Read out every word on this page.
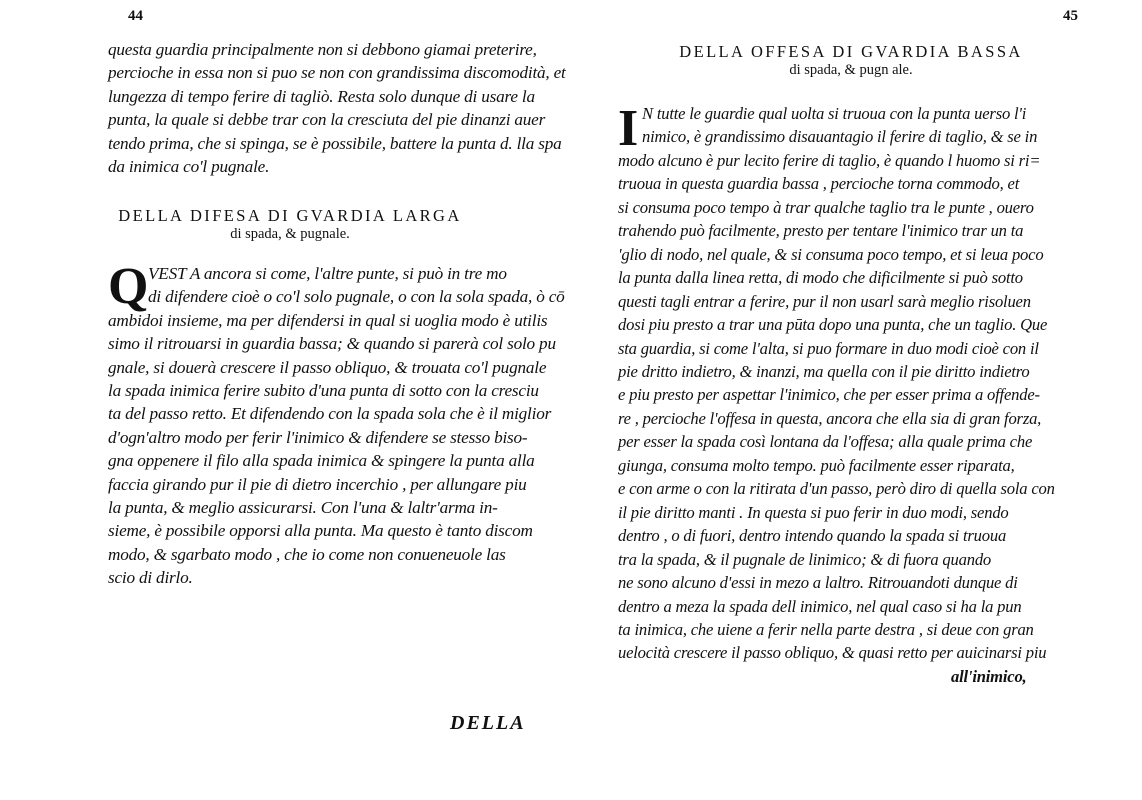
44
questa guardia principalmente non si debbono giamai preterire,
percioche in essa non si puo se non con grandissima discomodità, et
lungezza di tempo ferire di tagliò. Resta solo dunque di usare la
punta, la quale si debbe trar con la cresciuta del pie dinanzi auer
tendo prima, che si spinga, se è possibile, battere la punta d. lla spa
da inimica co'l pugnale.
DELLA DIFESA DI GVARDIA LARGA
di spada, & pugnale.
Q VEST A ancora si come, l'altre punte, si può in tre mo
di difendere cioè o co'l solo pugnale, o con la sola spada, ò cō
ambidoi insieme, ma per difendersi in qual si uoglia modo è utilis
simo il ritrouarsi in guardia bassa; & quando si parerà col solo pu
gnale, si douerà crescere il passo obliquo, & trouata co'l pugnale
la spada inimica ferire subito d'una punta di sotto con la cresciu
ta del passo retto. Et difendendo con la spada sola che è il miglior
d'ogn'altro modo per ferir l'inimico & difendere se stesso biso-
gna oppenere il filo alla spada inimica & spingere la punta alla
faccia girando pur il pie di dietro incerchio , per allungare piu
la punta, & meglio assicurarsi. Con l'una & laltr'arma in-
sieme, è possibile opporsi alla punta. Ma questo è tanto discom
modo, & sgarbato modo , che io come non conueneuole las
scio di dirlo.
DELLA
45
DELLA OFFESA DI GVARDIA BASSA
di spada, & pugn ale.
I N tutte le guardie qual uolta si truoua con la punta uerso l'i
nimico, è grandissimo disauantagio il ferire di taglio, & se in
modo alcuno è pur lecito ferire di taglio, è quando l huomo si ri=
truoua in questa guardia bassa , percioche torna commodo, et
si consuma poco tempo à trar qualche taglio tra le punte , ouero
trahendo può facilmente, presto per tentare l'inimico trar un ta
'glio di nodo, nel quale, & si consuma poco tempo, et si leua poco
la punta dalla linea retta, di modo che dificilmente si può sotto
questi tagli entrar a ferire, pur il non usarl sarà meglio risoluen
dosi piu presto a trar una pūta dopo una punta, che un taglio. Que
sta guardia, si come l'alta, si puo formare in duo modi cioè con il
pie dritto indietro, & inanzi, ma quella con il pie diritto indietro
e piu presto per aspettar l'inimico, che per esser prima a offende-
re , percioche l'offesa in questa, ancora che ella sia di gran forza,
per esser la spada così lontana da l'offesa; alla quale prima che
giunga, consuma molto tempo. può facilmente esser riparata,
e con arme o con la ritirata d'un passo, però diro di quella sola con
il pie diritto manti . In questa si puo ferir in duo modi, sendo
dentro , o di fuori, dentro intendo quando la spada si truoua
tra la spada, & il pugnale de linimico; & di fuora quando
ne sono alcuno d'essi in mezo a laltro. Ritrouandoti dunque di
dentro a meza la spada dell inimico, nel qual caso si ha la pun
ta inimica, che uiene a ferir nella parte destra , si deue con gran
uelocità crescere il passo obliquo, & quasi retto per auicinarsi piu
all'inimico,
